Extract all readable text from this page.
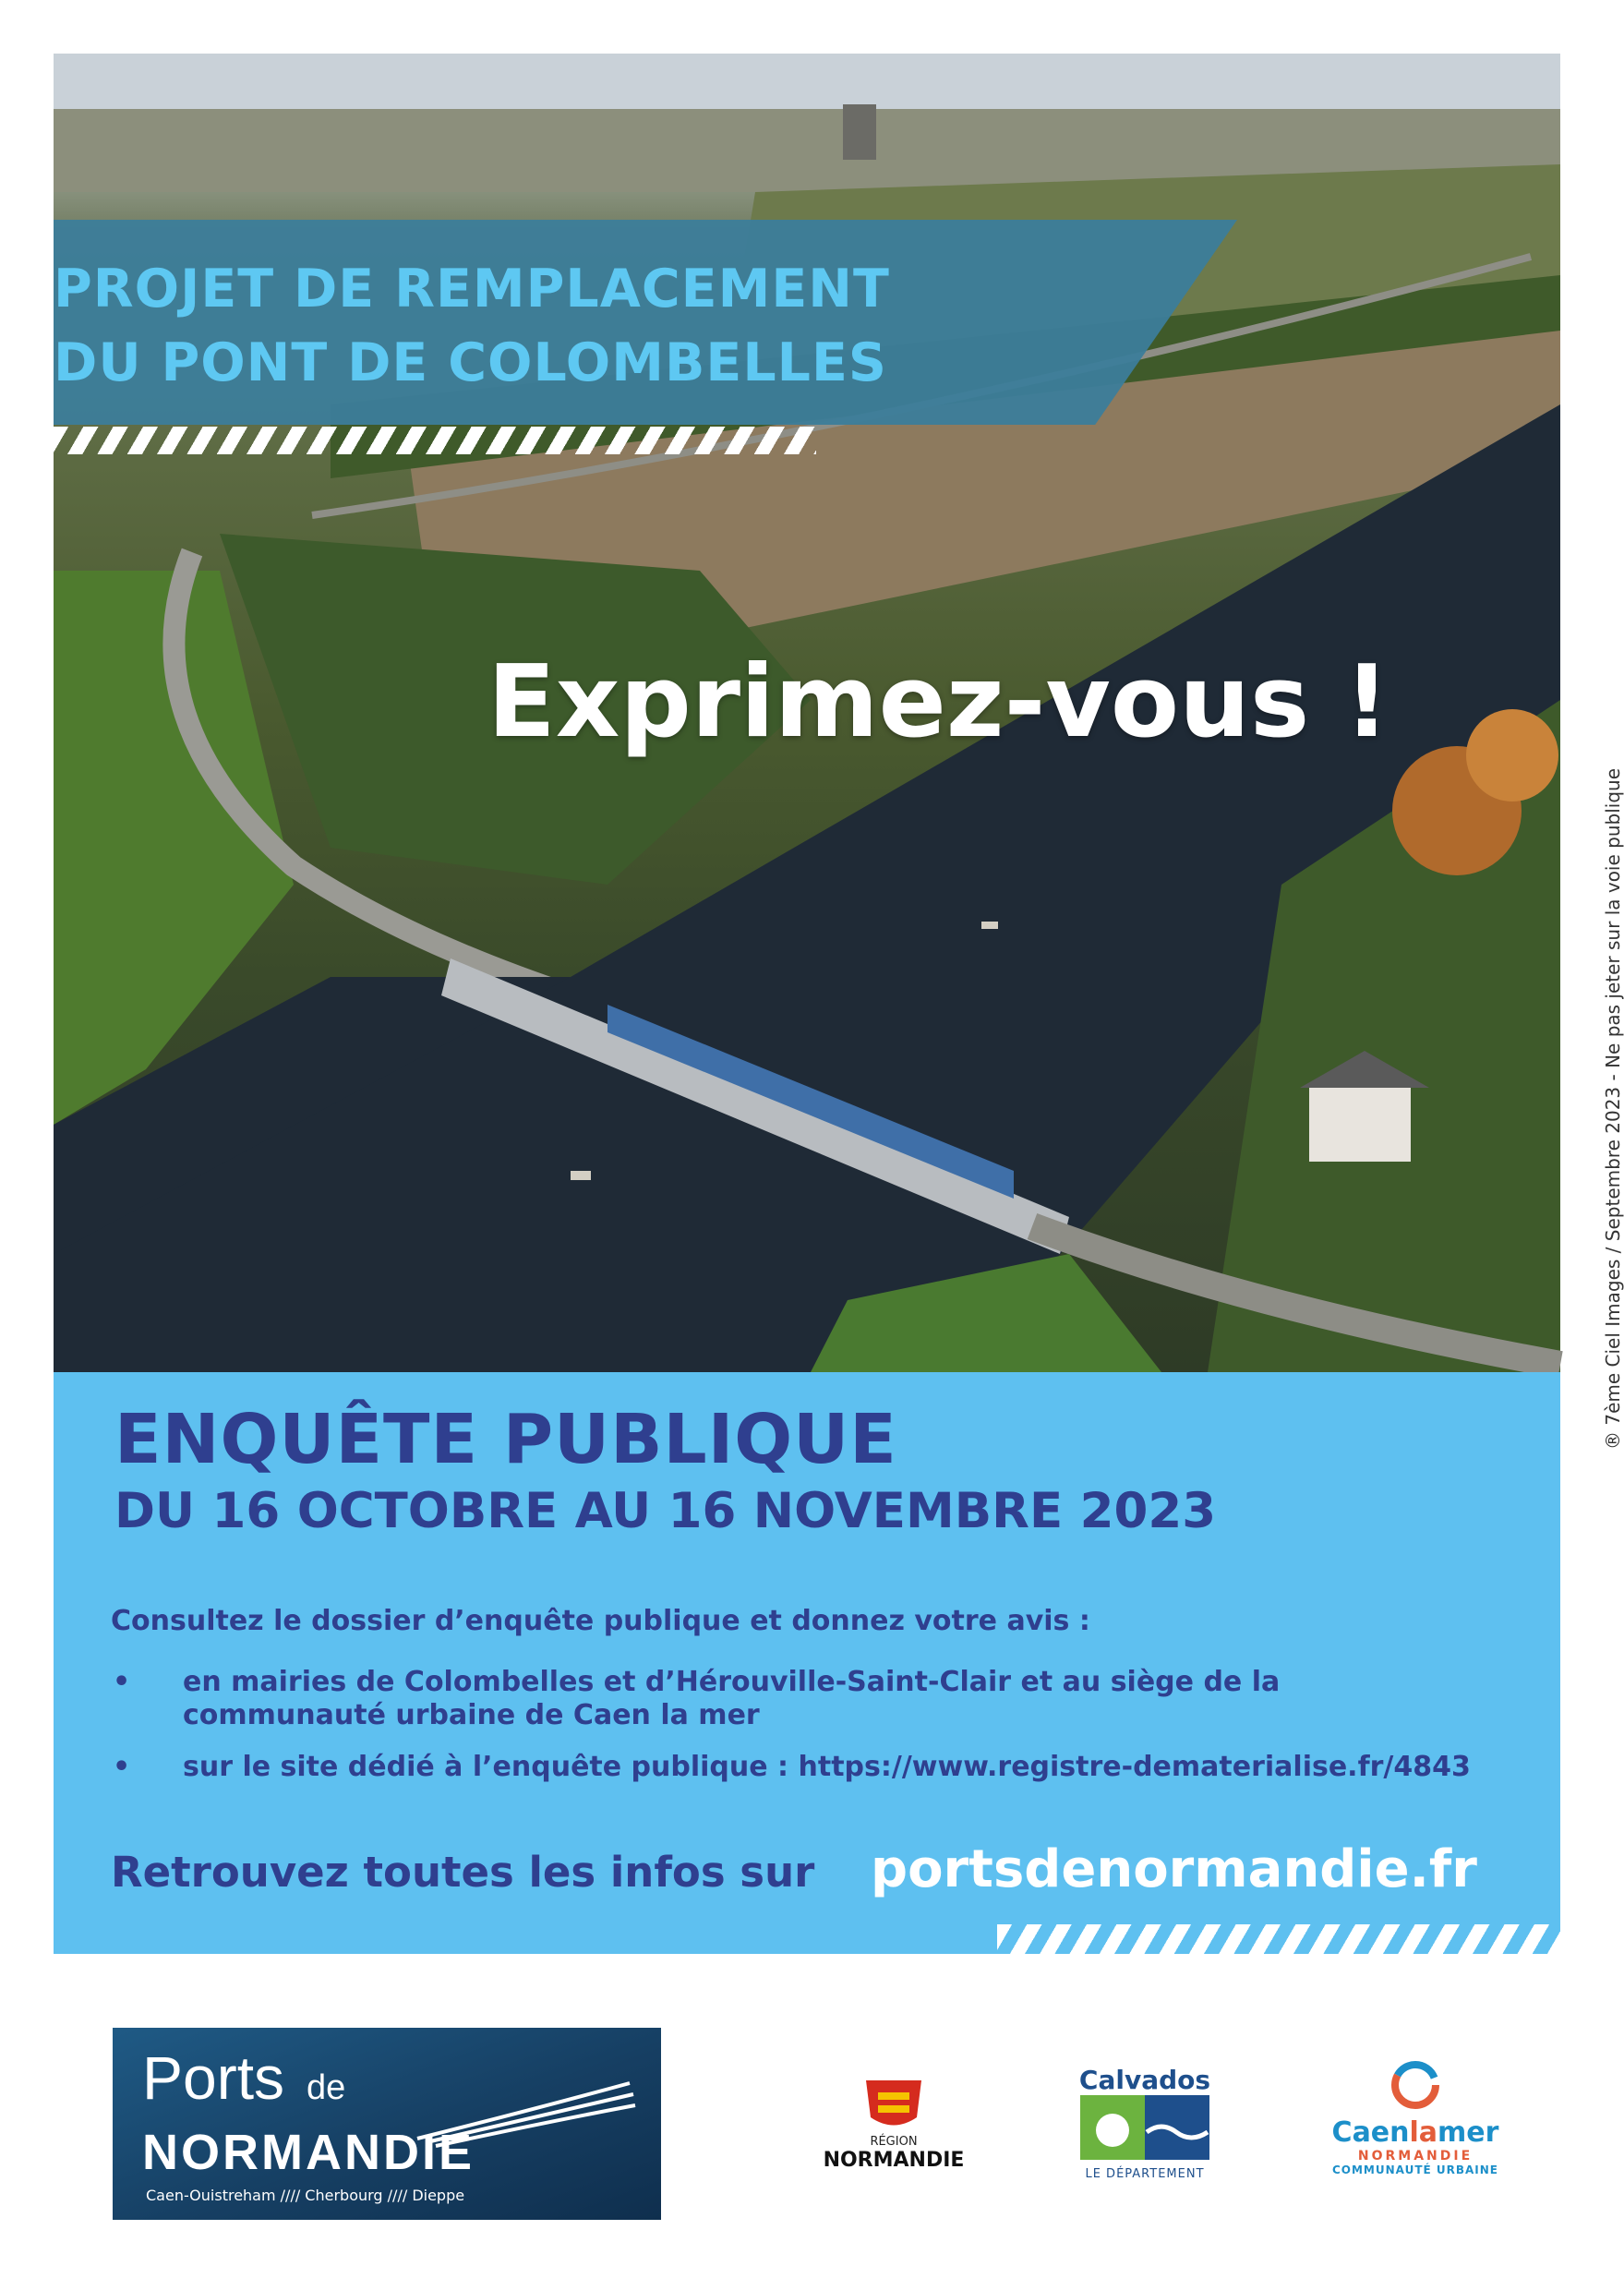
PROJET DE REMPLACEMENT
DU PONT DE COLOMBELLES
Exprimez-vous !
ENQUÊTE PUBLIQUE
DU 16 OCTOBRE AU 16 NOVEMBRE 2023
Consultez le dossier d’enquête publique et donnez votre avis :
• en mairies de Colombelles et d’Hérouville-Saint-Clair et au siège de la communauté urbaine de Caen la mer
• sur le site dédié à l’enquête publique : https://www.registre-dematerialise.fr/4843
Retrouvez toutes les infos sur portsdenormandie.fr
® 7ème Ciel Images / Septembre 2023 - Ne pas jeter sur la voie publique
Ports de
NORMANDIE
Caen-Ouistreham //// Cherbourg //// Dieppe
RÉGION
NORMANDIE
Calvados
LE DÉPARTEMENT
Caenlamer
NORMANDIE
COMMUNAUTÉ URBAINE
